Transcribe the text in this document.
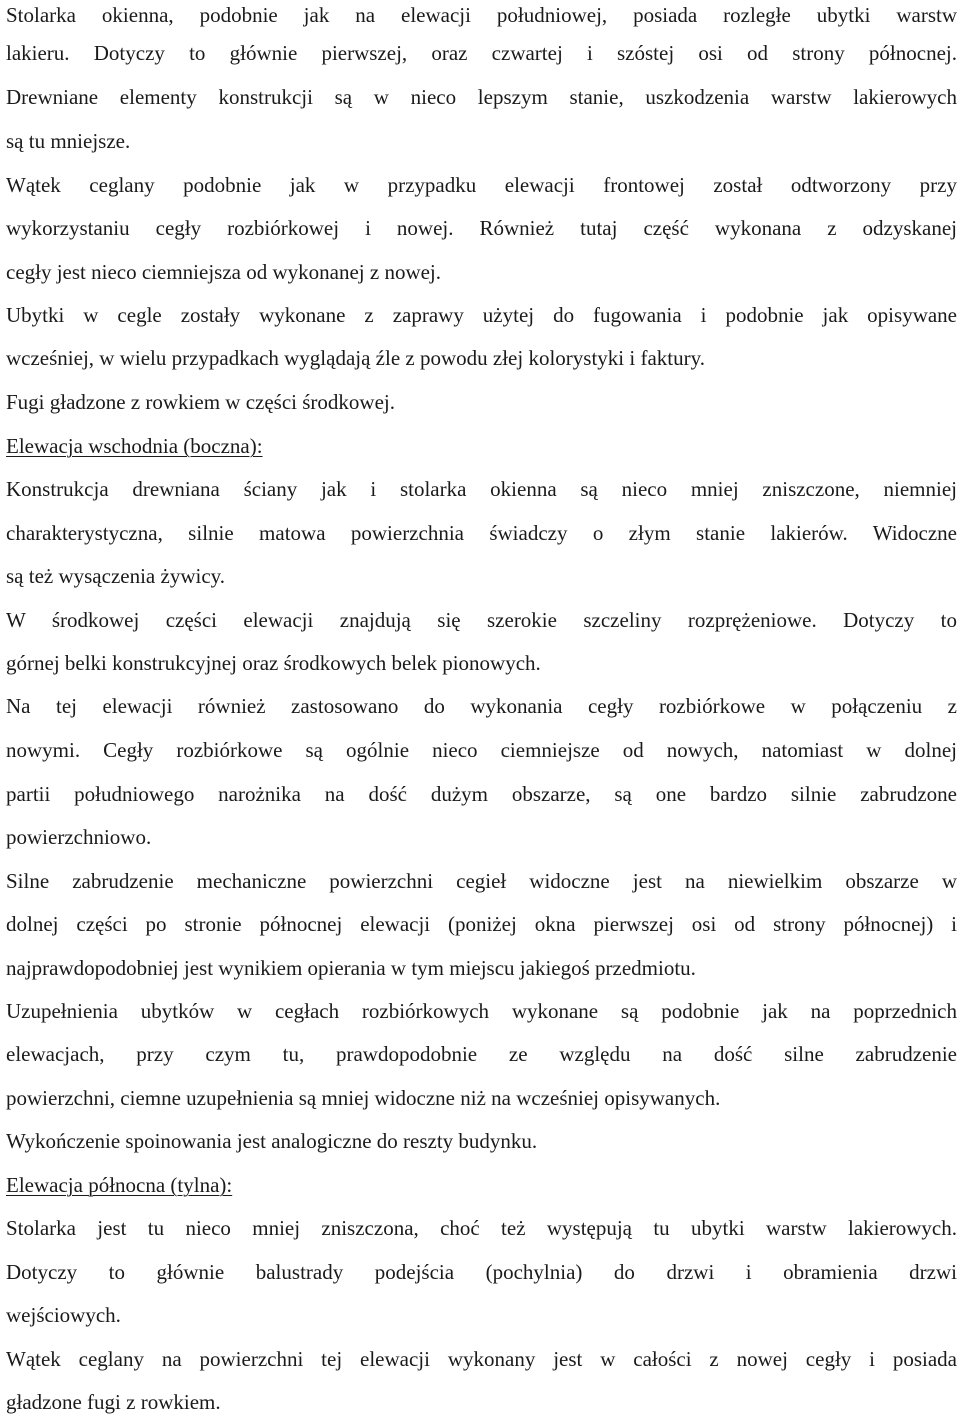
Stolarka okienna, podobnie jak na elewacji południowej, posiada rozległe ubytki warstw
lakieru. Dotyczy to głównie pierwszej, oraz czwartej i szóstej osi od strony północnej.
Drewniane elementy konstrukcji są w nieco lepszym stanie, uszkodzenia warstw lakierowych
są tu mniejsze.
Wątek ceglany podobnie jak w przypadku elewacji frontowej został odtworzony przy
wykorzystaniu cegły rozbiórkowej i nowej. Również tutaj część wykonana z odzyskanej
cegły jest nieco ciemniejsza od wykonanej z nowej.
Ubytki w cegle zostały wykonane z zaprawy użytej do fugowania i podobnie jak opisywane
wcześniej, w wielu przypadkach wyglądają źle z powodu złej kolorystyki i faktury.
Fugi gładzone z rowkiem w części środkowej.
Elewacja wschodnia (boczna):
Konstrukcja drewniana ściany jak i stolarka okienna są nieco mniej zniszczone, niemniej
charakterystyczna, silnie matowa powierzchnia świadczy o złym stanie lakierów. Widoczne
są też wysączenia żywicy.
W środkowej części elewacji znajdują się szerokie szczeliny rozprężeniowe. Dotyczy to
górnej belki konstrukcyjnej oraz środkowych belek pionowych.
Na tej elewacji również zastosowano do wykonania cegły rozbiórkowe w połączeniu z
nowymi. Cegły rozbiórkowe są ogólnie nieco ciemniejsze od nowych, natomiast w dolnej
partii południowego narożnika na dość dużym obszarze, są one bardzo silnie zabrudzone
powierzchniowo.
Silne zabrudzenie mechaniczne powierzchni cegieł widoczne jest na niewielkim obszarze w
dolnej części po stronie północnej elewacji (poniżej okna pierwszej osi od strony północnej) i
najprawdopodobniej jest wynikiem opierania w tym miejscu jakiegoś przedmiotu.
Uzupełnienia ubytków w cegłach rozbiórkowych wykonane są podobnie jak na poprzednich
elewacjach, przy czym tu, prawdopodobnie ze względu na dość silne zabrudzenie
powierzchni, ciemne uzupełnienia są mniej widoczne niż na wcześniej opisywanych.
Wykończenie spoinowania jest analogiczne do reszty budynku.
Elewacja północna (tylna):
Stolarka jest tu nieco mniej zniszczona, choć też występują tu ubytki warstw lakierowych.
Dotyczy to głównie balustrady podejścia (pochylnia) do drzwi i obramienia drzwi
wejściowych.
Wątek ceglany na powierzchni tej elewacji wykonany jest w całości z nowej cegły i posiada
gładzone fugi z rowkiem.
